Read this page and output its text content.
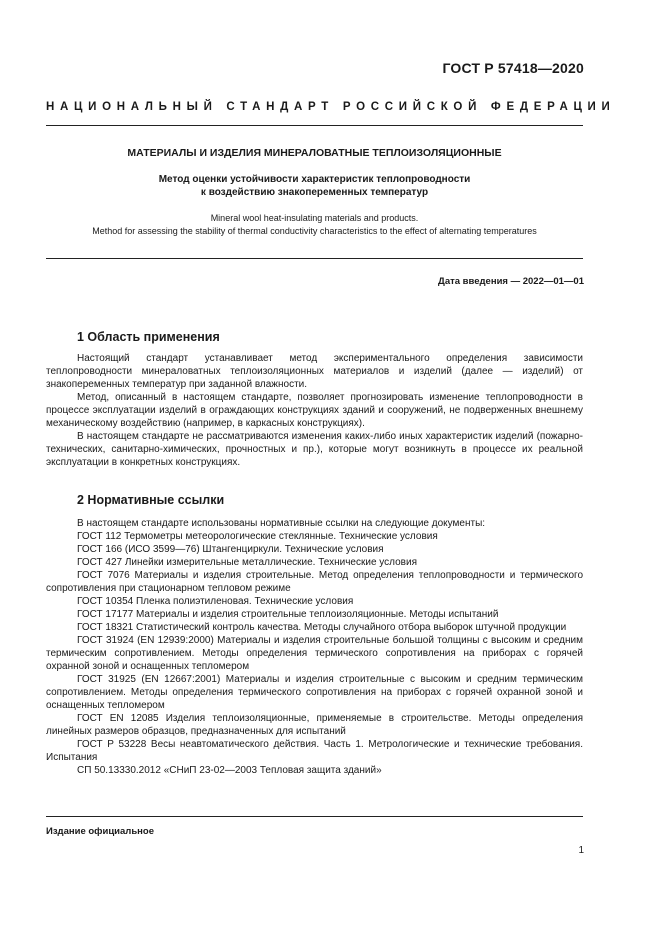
ГОСТ Р 57418—2020
НАЦИОНАЛЬНЫЙ СТАНДАРТ РОССИЙСКОЙ ФЕДЕРАЦИИ
МАТЕРИАЛЫ И ИЗДЕЛИЯ МИНЕРАЛОВАТНЫЕ ТЕПЛОИЗОЛЯЦИОННЫЕ
Метод оценки устойчивости характеристик теплопроводности
к воздействию знакопеременных температур
Mineral wool heat-insulating materials and products.
Method for assessing the stability of thermal conductivity characteristics to the effect of alternating temperatures
Дата введения — 2022—01—01
1 Область применения

Настоящий стандарт устанавливает метод экспериментального определения зависимости теплопроводности минераловатных теплоизоляционных материалов и изделий (далее — изделий) от знакопеременных температур при заданной влажности.

Метод, описанный в настоящем стандарте, позволяет прогнозировать изменение теплопроводности в процессе эксплуатации изделий в ограждающих конструкциях зданий и сооружений, не подверженных внешнему механическому воздействию (например, в каркасных конструкциях).

В настоящем стандарте не рассматриваются изменения каких-либо иных характеристик изделий (пожарно-технических, санитарно-химических, прочностных и пр.), которые могут возникнуть в процессе их реальной эксплуатации в конкретных конструкциях.

2 Нормативные ссылки

В настоящем стандарте использованы нормативные ссылки на следующие документы:

ГОСТ 112 Термометры метеорологические стеклянные. Технические условия

ГОСТ 166 (ИСО 3599—76) Штангенциркули. Технические условия

ГОСТ 427 Линейки измерительные металлические. Технические условия

ГОСТ 7076 Материалы и изделия строительные. Метод определения теплопроводности и термического сопротивления при стационарном тепловом режиме

ГОСТ 10354 Пленка полиэтиленовая. Технические условия

ГОСТ 17177 Материалы и изделия строительные теплоизоляционные. Методы испытаний

ГОСТ 18321 Статистический контроль качества. Методы случайного отбора выборок штучной продукции

ГОСТ 31924 (EN 12939:2000) Материалы и изделия строительные большой толщины с высоким и средним термическим сопротивлением. Методы определения термического сопротивления на приборах с горячей охранной зоной и оснащенных тепломером

ГОСТ 31925 (EN 12667:2001) Материалы и изделия строительные с высоким и средним термическим сопротивлением. Методы определения термического сопротивления на приборах с горячей охранной зоной и оснащенных тепломером

ГОСТ EN 12085 Изделия теплоизоляционные, применяемые в строительстве. Методы определения линейных размеров образцов, предназначенных для испытаний

ГОСТ Р 53228 Весы неавтоматического действия. Часть 1. Метрологические и технические требования. Испытания

СП 50.13330.2012 «СНиП 23-02—2003 Тепловая защита зданий»

Издание официальное
1
